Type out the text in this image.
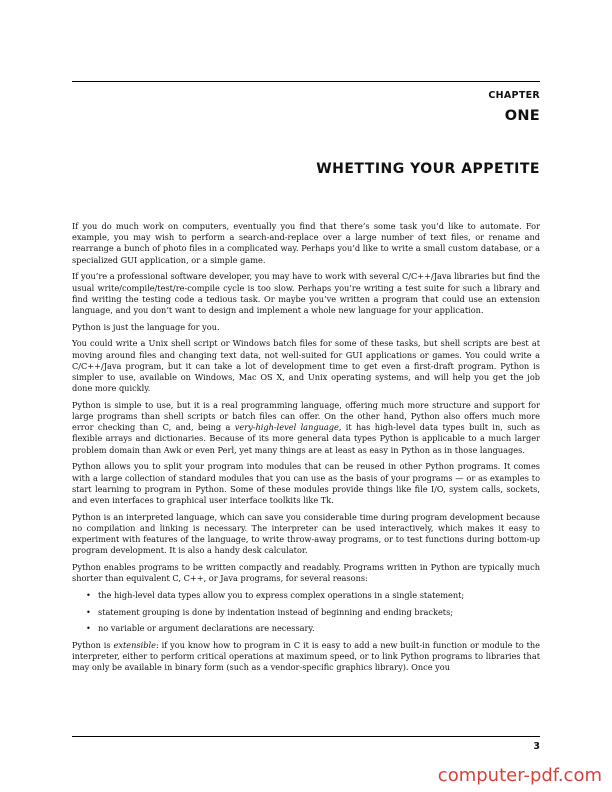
CHAPTER
ONE
WHETTING YOUR APPETITE

If you do much work on computers, eventually you find that there’s some task you’d like to automate. For example, you may wish to perform a search-and-replace over a large number of text files, or rename and rearrange a bunch of photo files in a complicated way. Perhaps you’d like to write a small custom database, or a specialized GUI application, or a simple game.

If you’re a professional software developer, you may have to work with several C/C++/Java libraries but find the usual write/compile/test/re-compile cycle is too slow. Perhaps you’re writing a test suite for such a library and find writing the testing code a tedious task. Or maybe you’ve written a program that could use an extension language, and you don’t want to design and implement a whole new language for your application.

Python is just the language for you.

You could write a Unix shell script or Windows batch files for some of these tasks, but shell scripts are best at moving around files and changing text data, not well-suited for GUI applications or games. You could write a C/C++/Java program, but it can take a lot of development time to get even a first-draft program. Python is simpler to use, available on Windows, Mac OS X, and Unix operating systems, and will help you get the job done more quickly.

Python is simple to use, but it is a real programming language, offering much more structure and support for large programs than shell scripts or batch files can offer. On the other hand, Python also offers much more error checking than C, and, being a very-high-level language, it has high-level data types built in, such as flexible arrays and dictionaries. Because of its more general data types Python is applicable to a much larger problem domain than Awk or even Perl, yet many things are at least as easy in Python as in those languages.

Python allows you to split your program into modules that can be reused in other Python programs. It comes with a large collection of standard modules that you can use as the basis of your programs — or as examples to start learning to program in Python. Some of these modules provide things like file I/O, system calls, sockets, and even interfaces to graphical user interface toolkits like Tk.

Python is an interpreted language, which can save you considerable time during program development because no compilation and linking is necessary. The interpreter can be used interactively, which makes it easy to experiment with features of the language, to write throw-away programs, or to test functions during bottom-up program development. It is also a handy desk calculator.

Python enables programs to be written compactly and readably. Programs written in Python are typically much shorter than equivalent C, C++, or Java programs, for several reasons:

• the high-level data types allow you to express complex operations in a single statement;
• statement grouping is done by indentation instead of beginning and ending brackets;
• no variable or argument declarations are necessary.

Python is extensible: if you know how to program in C it is easy to add a new built-in function or module to the interpreter, either to perform critical operations at maximum speed, or to link Python programs to libraries that may only be available in binary form (such as a vendor-specific graphics library). Once you

3
computer-pdf.com
